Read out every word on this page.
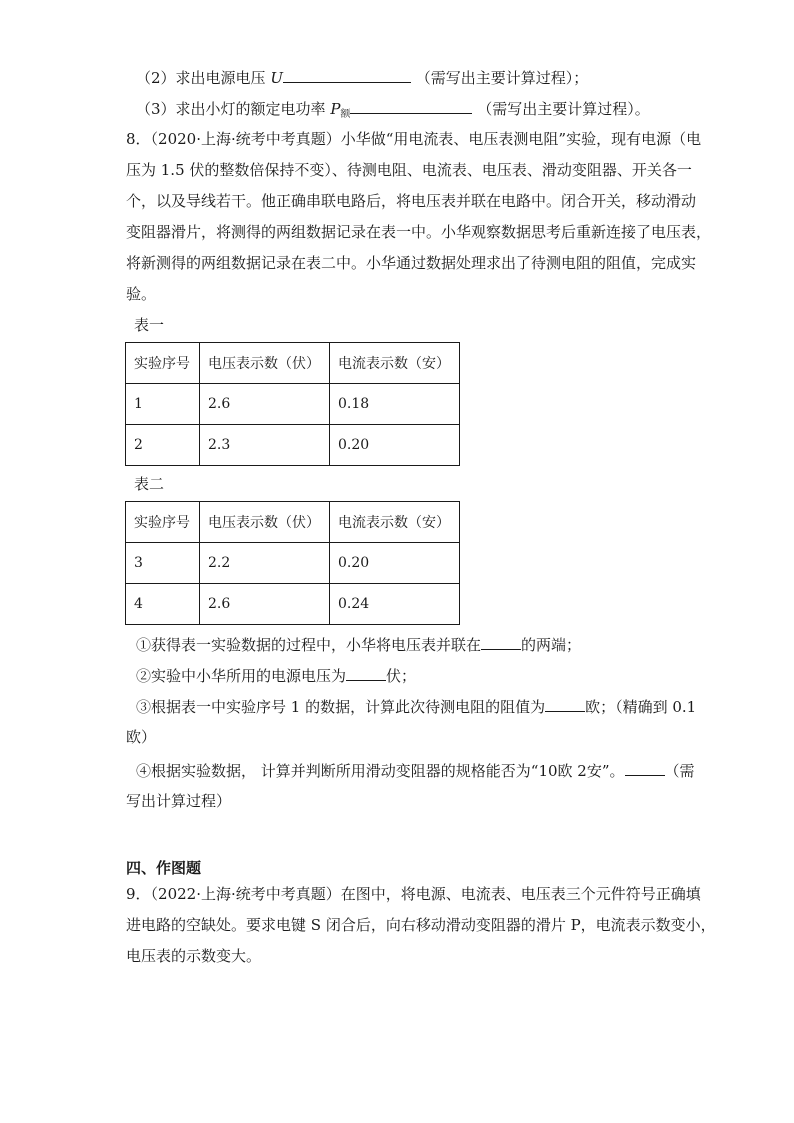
（2）求出电源电压 U	（需写出主要计算过程）；
（3）求出小灯的额定电功率 $P_额$	（需写出主要计算过程）。
8．（2020·上海·统考中考真题）小华做“用电流表、电压表测电阻”实验，现有电源（电
压为 1.5 伏的整数倍保持不变）、待测电阻、电流表、电压表、滑动变阻器、开关各一
个，以及导线若干。他正确串联电路后，将电压表并联在电路中。闭合开关，移动滑动
变阻器滑片，将测得的两组数据记录在表一中。小华观察数据思考后重新连接了电压表，
将新测得的两组数据记录在表二中。小华通过数据处理求出了待测电阻的阻值，完成实
验。
表一
实验序号	电压表示数（伏）	电流表示数（安）
1	2.6	0.18
2	2.3	0.20
表二
实验序号	电压表示数（伏）	电流表示数（安）
3	2.2	0.20
4	2.6	0.24
①获得表一实验数据的过程中，小华将电压表并联在	的两端；
②实验中小华所用的电源电压为	伏；
③根据表一中实验序号 1 的数据，计算此次待测电阻的阻值为	欧；（精确到 0.1
欧）
④根据实验数据， 计算并判断所用滑动变阻器的规格能否为“10欧 2安”。	（需
写出计算过程）
四、作图题
9．（2022·上海·统考中考真题）在图中，将电源、电流表、电压表三个元件符号正确填
进电路的空缺处。要求电键 S 闭合后，向右移动滑动变阻器的滑片 P，电流表示数变小，
电压表的示数变大。
